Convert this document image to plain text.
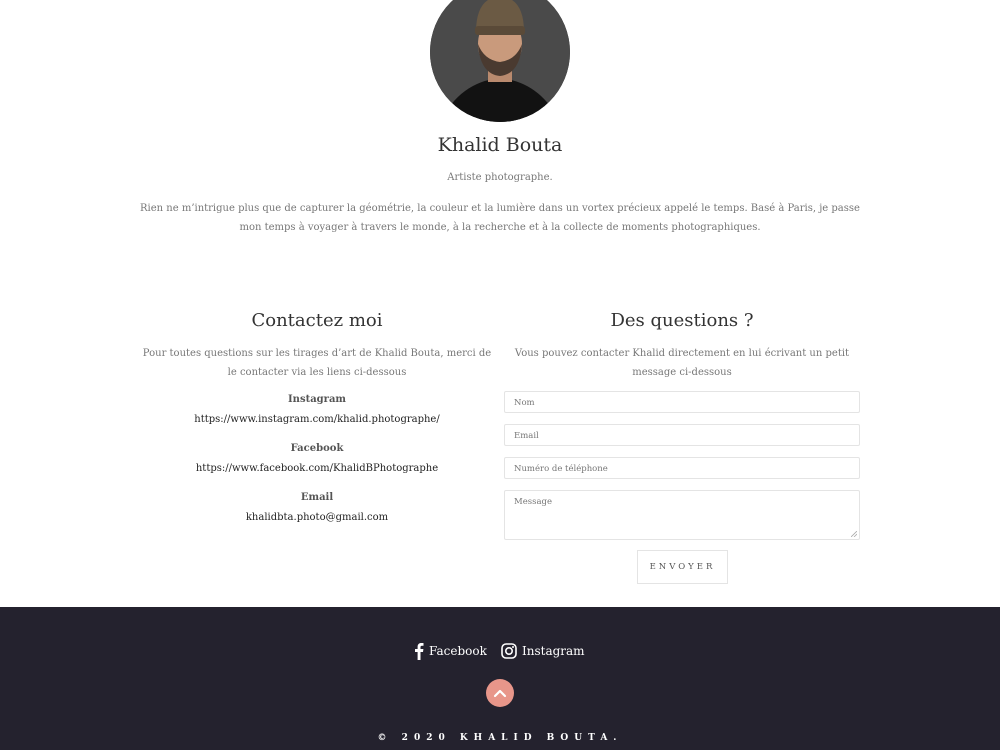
Khalid Bouta
Artiste photographe.
Rien ne m’intrigue plus que de capturer la géométrie, la couleur et la lumière dans un vortex précieux appelé le temps. Basé à Paris, je passe mon temps à voyager à travers le monde, à la recherche et à la collecte de moments photographiques.
Contactez moi
Pour toutes questions sur les tirages d’art de Khalid Bouta, merci de le contacter via les liens ci-dessous
Instagram
https://www.instagram.com/khalid.photographe/
Facebook
https://www.facebook.com/KhalidBPhotographe
Email
khalidbta.photo@gmail.com
Des questions ?
Vous pouvez contacter Khalid directement en lui écrivant un petit message ci-dessous
Nom
Email
Numéro de téléphone
Message
ENVOYER
Facebook	Instagram
© 2020 KHALID BOUTA.
